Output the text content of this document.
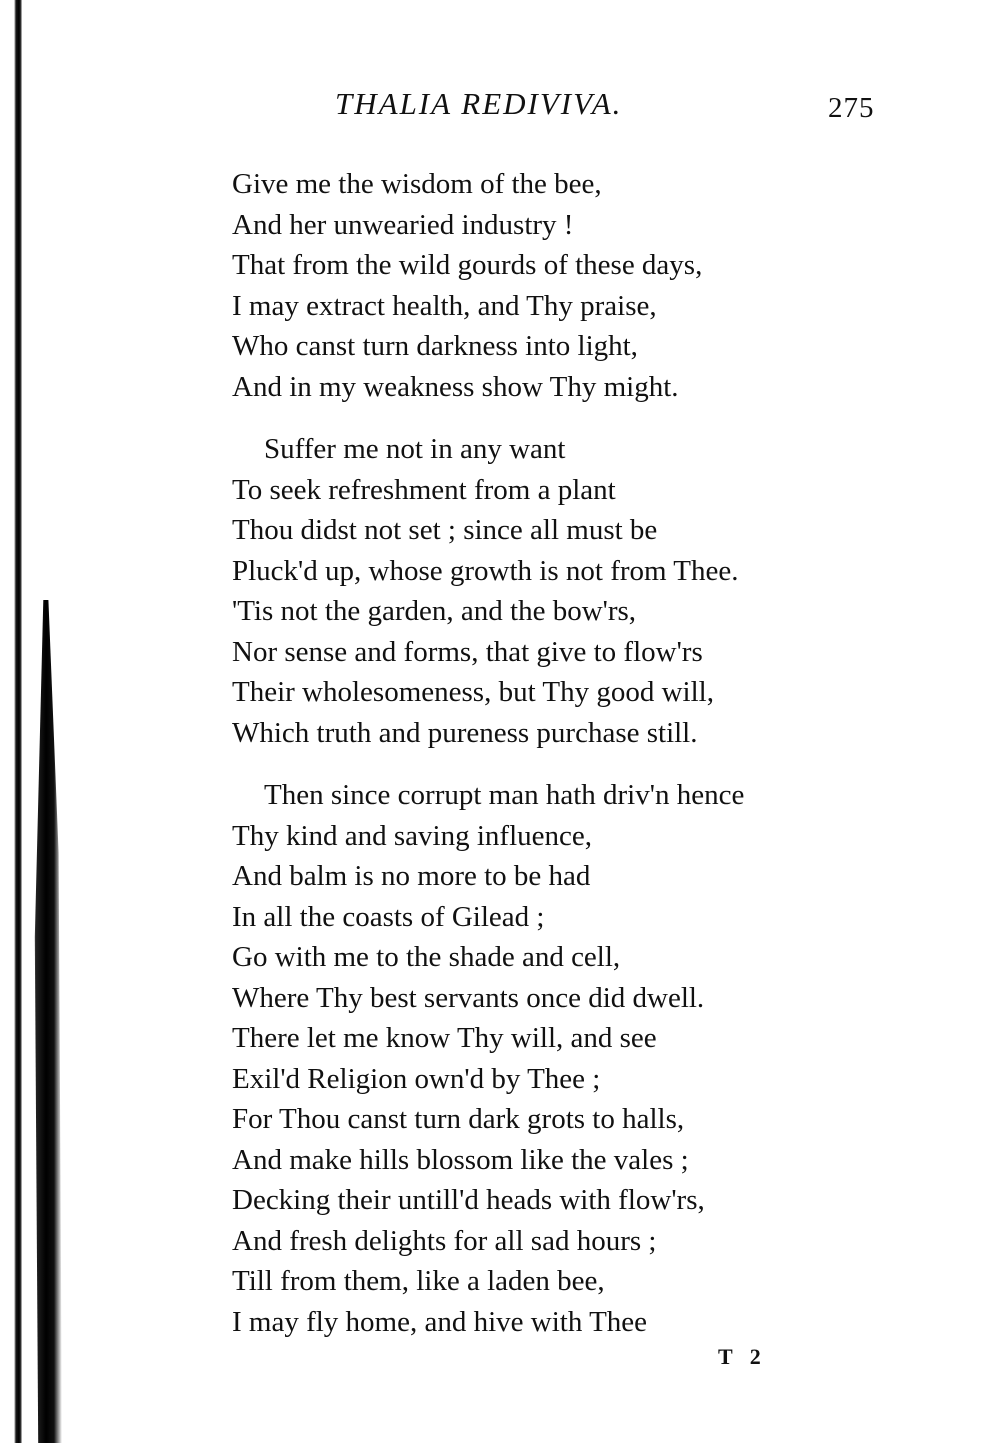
THALIA REDIVIVA.	275
Give me the wisdom of the bee,
And her unwearied industry !
That from the wild gourds of these days,
I may extract health, and Thy praise,
Who canst turn darkness into light,
And in my weakness show Thy might.
Suffer me not in any want
To seek refreshment from a plant
Thou didst not set ; since all must be
Pluck'd up, whose growth is not from Thee.
'Tis not the garden, and the bow'rs,
Nor sense and forms, that give to flow'rs
Their wholesomeness, but Thy good will,
Which truth and pureness purchase still.
Then since corrupt man hath driv'n hence
Thy kind and saving influence,
And balm is no more to be had
In all the coasts of Gilead ;
Go with me to the shade and cell,
Where Thy best servants once did dwell.
There let me know Thy will, and see
Exil'd Religion own'd by Thee ;
For Thou canst turn dark grots to halls,
And make hills blossom like the vales ;
Decking their untill'd heads with flow'rs,
And fresh delights for all sad hours ;
Till from them, like a laden bee,
I may fly home, and hive with Thee
T 2
